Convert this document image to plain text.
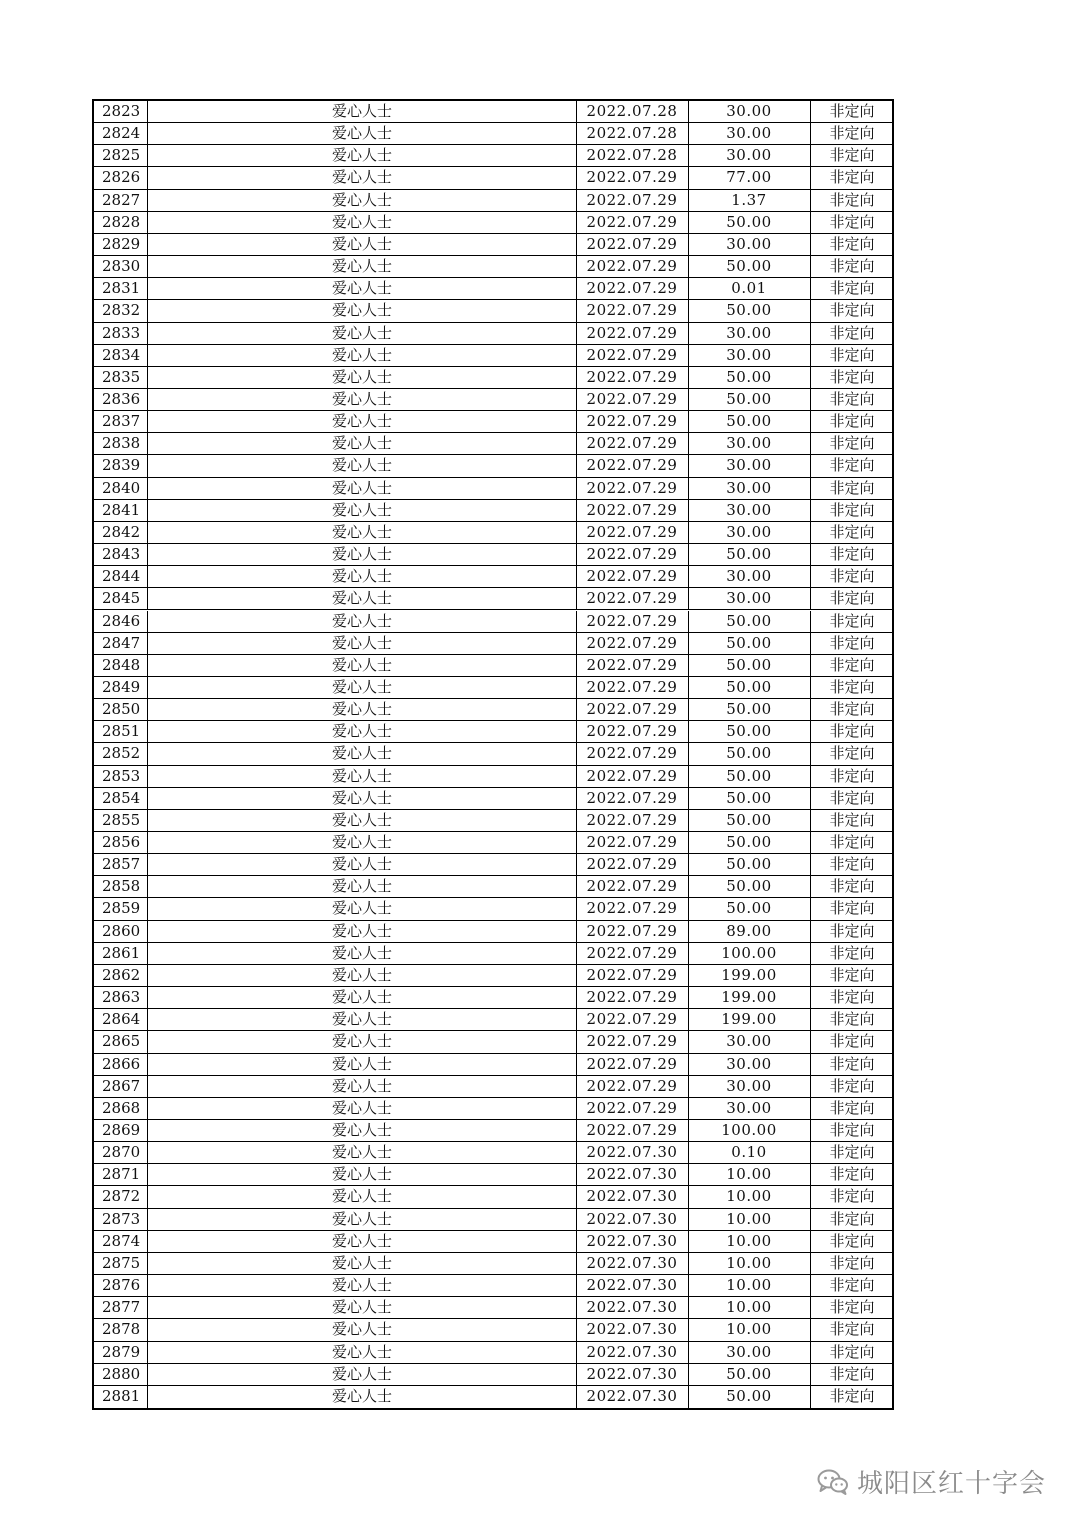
2823	爱心人士	2022.07.28	30.00	非定向
2824	爱心人士	2022.07.28	30.00	非定向
2825	爱心人士	2022.07.28	30.00	非定向
2826	爱心人士	2022.07.29	77.00	非定向
2827	爱心人士	2022.07.29	1.37	非定向
2828	爱心人士	2022.07.29	50.00	非定向
2829	爱心人士	2022.07.29	30.00	非定向
2830	爱心人士	2022.07.29	50.00	非定向
2831	爱心人士	2022.07.29	0.01	非定向
2832	爱心人士	2022.07.29	50.00	非定向
2833	爱心人士	2022.07.29	30.00	非定向
2834	爱心人士	2022.07.29	30.00	非定向
2835	爱心人士	2022.07.29	50.00	非定向
2836	爱心人士	2022.07.29	50.00	非定向
2837	爱心人士	2022.07.29	50.00	非定向
2838	爱心人士	2022.07.29	30.00	非定向
2839	爱心人士	2022.07.29	30.00	非定向
2840	爱心人士	2022.07.29	30.00	非定向
2841	爱心人士	2022.07.29	30.00	非定向
2842	爱心人士	2022.07.29	30.00	非定向
2843	爱心人士	2022.07.29	50.00	非定向
2844	爱心人士	2022.07.29	30.00	非定向
2845	爱心人士	2022.07.29	30.00	非定向
2846	爱心人士	2022.07.29	50.00	非定向
2847	爱心人士	2022.07.29	50.00	非定向
2848	爱心人士	2022.07.29	50.00	非定向
2849	爱心人士	2022.07.29	50.00	非定向
2850	爱心人士	2022.07.29	50.00	非定向
2851	爱心人士	2022.07.29	50.00	非定向
2852	爱心人士	2022.07.29	50.00	非定向
2853	爱心人士	2022.07.29	50.00	非定向
2854	爱心人士	2022.07.29	50.00	非定向
2855	爱心人士	2022.07.29	50.00	非定向
2856	爱心人士	2022.07.29	50.00	非定向
2857	爱心人士	2022.07.29	50.00	非定向
2858	爱心人士	2022.07.29	50.00	非定向
2859	爱心人士	2022.07.29	50.00	非定向
2860	爱心人士	2022.07.29	89.00	非定向
2861	爱心人士	2022.07.29	100.00	非定向
2862	爱心人士	2022.07.29	199.00	非定向
2863	爱心人士	2022.07.29	199.00	非定向
2864	爱心人士	2022.07.29	199.00	非定向
2865	爱心人士	2022.07.29	30.00	非定向
2866	爱心人士	2022.07.29	30.00	非定向
2867	爱心人士	2022.07.29	30.00	非定向
2868	爱心人士	2022.07.29	30.00	非定向
2869	爱心人士	2022.07.29	100.00	非定向
2870	爱心人士	2022.07.30	0.10	非定向
2871	爱心人士	2022.07.30	10.00	非定向
2872	爱心人士	2022.07.30	10.00	非定向
2873	爱心人士	2022.07.30	10.00	非定向
2874	爱心人士	2022.07.30	10.00	非定向
2875	爱心人士	2022.07.30	10.00	非定向
2876	爱心人士	2022.07.30	10.00	非定向
2877	爱心人士	2022.07.30	10.00	非定向
2878	爱心人士	2022.07.30	10.00	非定向
2879	爱心人士	2022.07.30	30.00	非定向
2880	爱心人士	2022.07.30	50.00	非定向
2881	爱心人士	2022.07.30	50.00	非定向
城阳区红十字会
